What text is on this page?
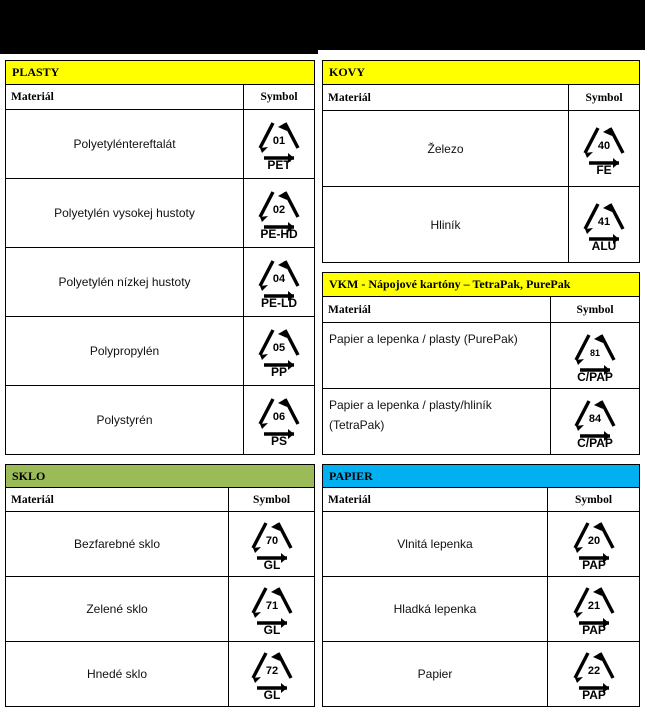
PLASTY	
Materiál	Symbol
Polyetyléntereftalát	01
PET

Polyetylén vysokej hustoty	02
PE-HD

Polyetylén nízkej hustoty	04
PE-LD

Polypropylén	05
PP

Polystyrén	06
PS
KOVY	
Materiál	Symbol
Železo	40
FE

Hliník	41
ALU
VKM - Nápojové kartóny – TetraPak, PurePak	
Materiál	Symbol
Papier a lepenka / plasty (PurePak)	81
C/PAP

Papier a lepenka / plasty/hliník (TetraPak)	84
C/PAP
SKLO	
Materiál	Symbol
Bezfarebné sklo	70
GL

Zelené sklo	71
GL

Hnedé sklo	72
GL
PAPIER	
Materiál	Symbol
Vlnitá lepenka	20
PAP

Hladká lepenka	21
PAP

Papier	22
PAP
